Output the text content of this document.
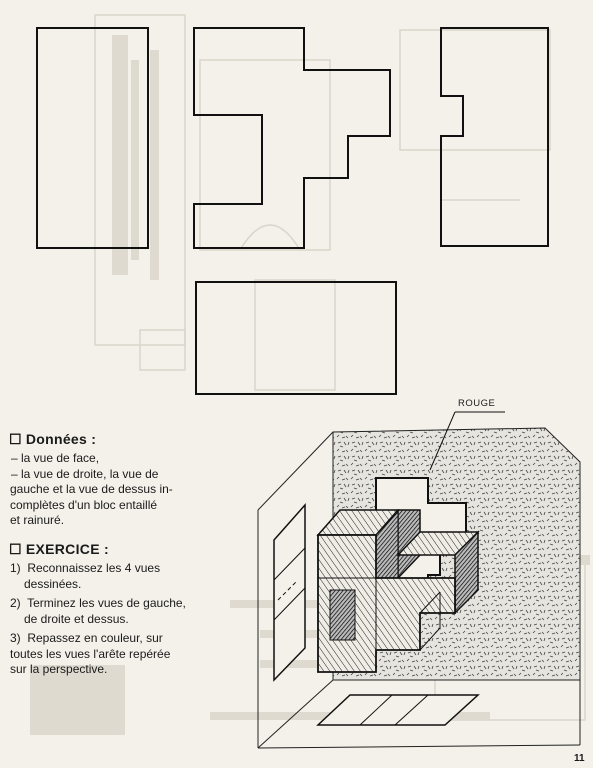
ROUGE
☐ Données :
– la vue de face,
– la vue de droite, la vue de
gauche et la vue de dessus in-
complètes d'un bloc entaillé
et rainuré.
☐ EXERCICE :
1) Reconnaissez les 4 vues
dessinées.
2) Terminez les vues de gauche,
de droite et dessus.
3) Repassez en couleur, sur
toutes les vues l'arête repérée
sur la perspective.
11
